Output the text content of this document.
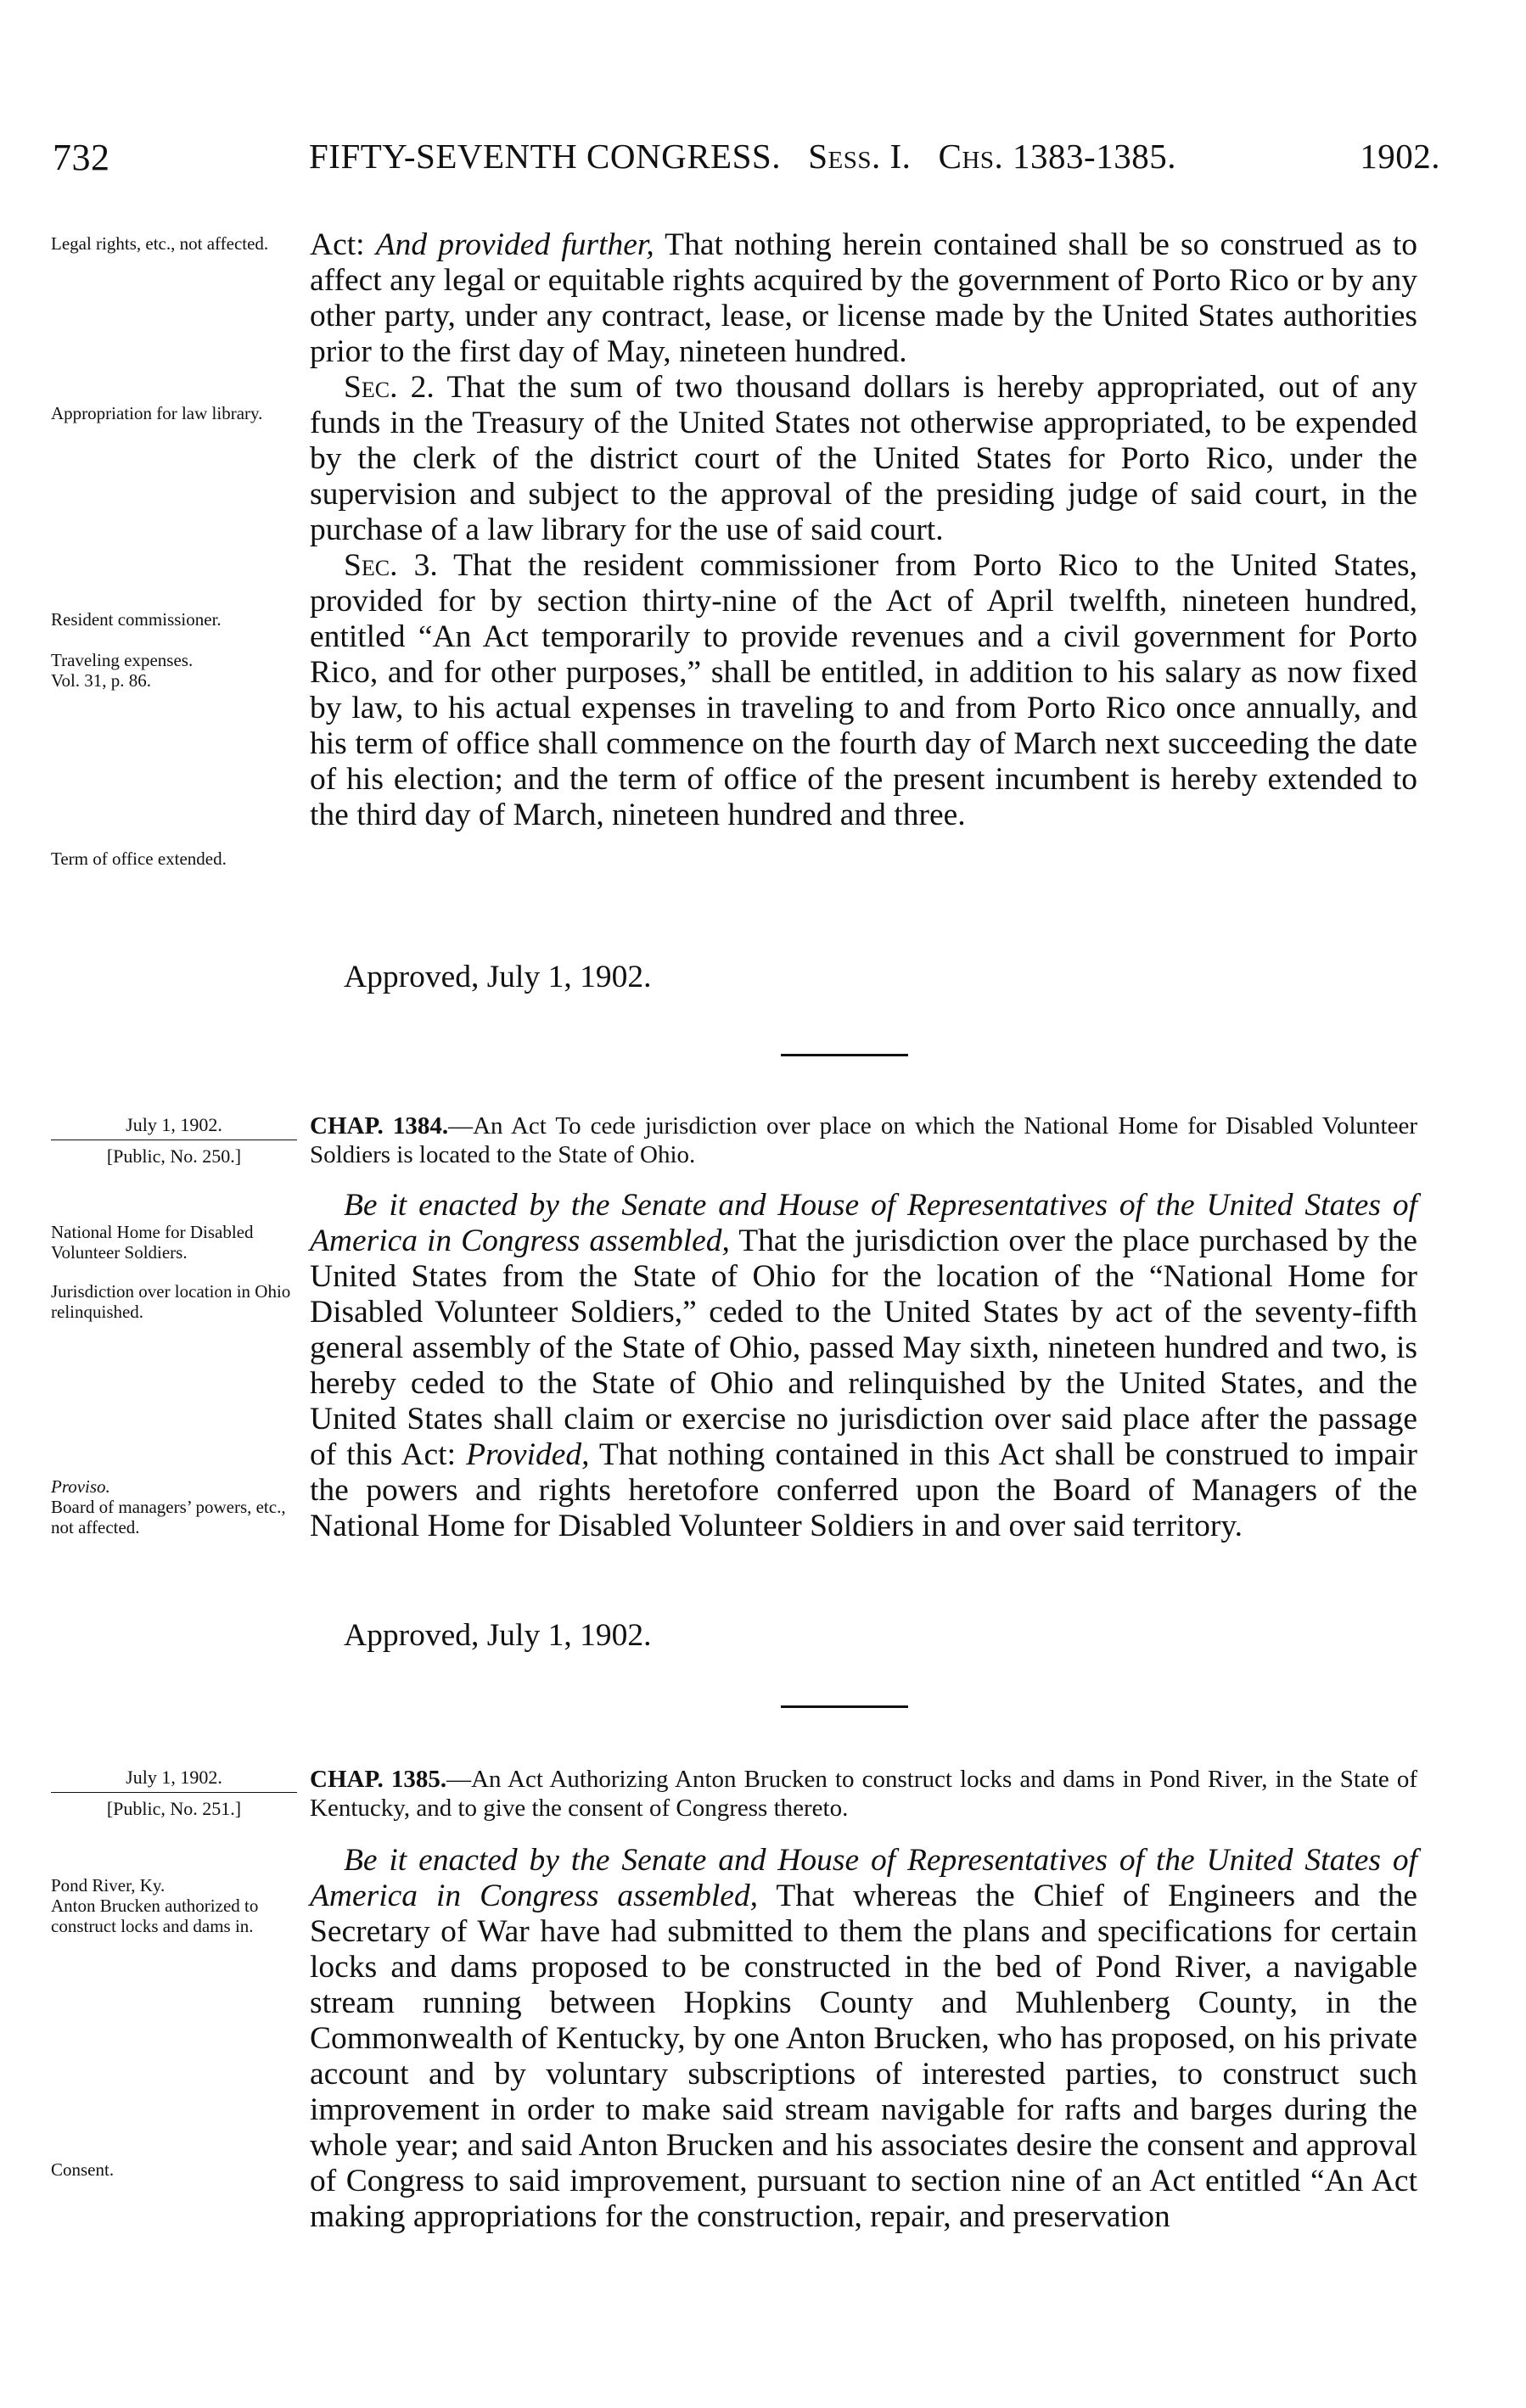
732	FIFTY-SEVENTH CONGRESS. Sess. I. Chs. 1383-1385.	1902.
Legal rights, etc., not affected.
Appropriation for law library.
Resident commissioner.
Traveling expenses.
Vol. 31, p. 86.
Term of office extended.

Act: And provided further, That nothing herein contained shall be so construed as to affect any legal or equitable rights acquired by the government of Porto Rico or by any other party, under any contract, lease, or license made by the United States authorities prior to the first day of May, nineteen hundred.

Sec. 2. That the sum of two thousand dollars is hereby appropriated, out of any funds in the Treasury of the United States not otherwise appropriated, to be expended by the clerk of the district court of the United States for Porto Rico, under the supervision and subject to the approval of the presiding judge of said court, in the purchase of a law library for the use of said court.

Sec. 3. That the resident commissioner from Porto Rico to the United States, provided for by section thirty-nine of the Act of April twelfth, nineteen hundred, entitled “An Act temporarily to provide revenues and a civil government for Porto Rico, and for other purposes,” shall be entitled, in addition to his salary as now fixed by law, to his actual expenses in traveling to and from Porto Rico once annually, and his term of office shall commence on the fourth day of March next succeeding the date of his election; and the term of office of the present incumbent is hereby extended to the third day of March, nineteen hundred and three.

Approved, July 1, 1902.
July 1, 1902.
[Public, No. 250.]
CHAP. 1384.—An Act To cede jurisdiction over place on which the National Home for Disabled Volunteer Soldiers is located to the State of Ohio.
National Home for Disabled Volunteer Soldiers.
Jurisdiction over location in Ohio relinquished.
Proviso.
Board of managers’ powers, etc., not affected.

Be it enacted by the Senate and House of Representatives of the United States of America in Congress assembled, That the jurisdiction over the place purchased by the United States from the State of Ohio for the location of the “National Home for Disabled Volunteer Soldiers,” ceded to the United States by act of the seventy-fifth general assembly of the State of Ohio, passed May sixth, nineteen hundred and two, is hereby ceded to the State of Ohio and relinquished by the United States, and the United States shall claim or exercise no jurisdiction over said place after the passage of this Act: Provided, That nothing contained in this Act shall be construed to impair the powers and rights heretofore conferred upon the Board of Managers of the National Home for Disabled Volunteer Soldiers in and over said territory.

Approved, July 1, 1902.
July 1, 1902.
[Public, No. 251.]
CHAP. 1385.—An Act Authorizing Anton Brucken to construct locks and dams in Pond River, in the State of Kentucky, and to give the consent of Congress thereto.
Pond River, Ky.
Anton Brucken authorized to construct locks and dams in.
Consent.

Be it enacted by the Senate and House of Representatives of the United States of America in Congress assembled, That whereas the Chief of Engineers and the Secretary of War have had submitted to them the plans and specifications for certain locks and dams proposed to be constructed in the bed of Pond River, a navigable stream running between Hopkins County and Muhlenberg County, in the Commonwealth of Kentucky, by one Anton Brucken, who has proposed, on his private account and by voluntary subscriptions of interested parties, to construct such improvement in order to make said stream navigable for rafts and barges during the whole year; and said Anton Brucken and his associates desire the consent and approval of Congress to said improvement, pursuant to section nine of an Act entitled “An Act making appropriations for the construction, repair, and preservation
